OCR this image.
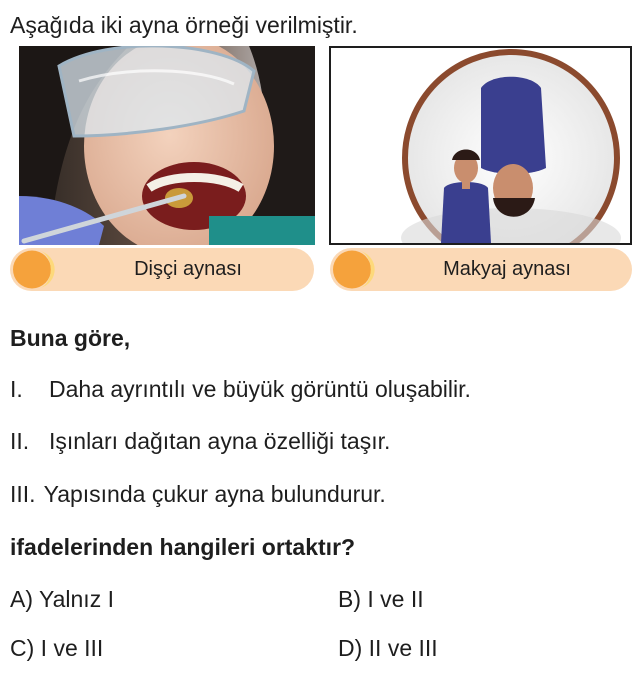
Aşağıda iki ayna örneği verilmiştir.
Dişçi aynası	Makyaj aynası
Buna göre,
I. Daha ayrıntılı ve büyük görüntü oluşabilir.
II. Işınları dağıtan ayna özelliği taşır.
III. Yapısında çukur ayna bulundurur.
ifadelerinden hangileri ortaktır?
A) Yalnız I	B) I ve II
C) I ve III	D) II ve III
